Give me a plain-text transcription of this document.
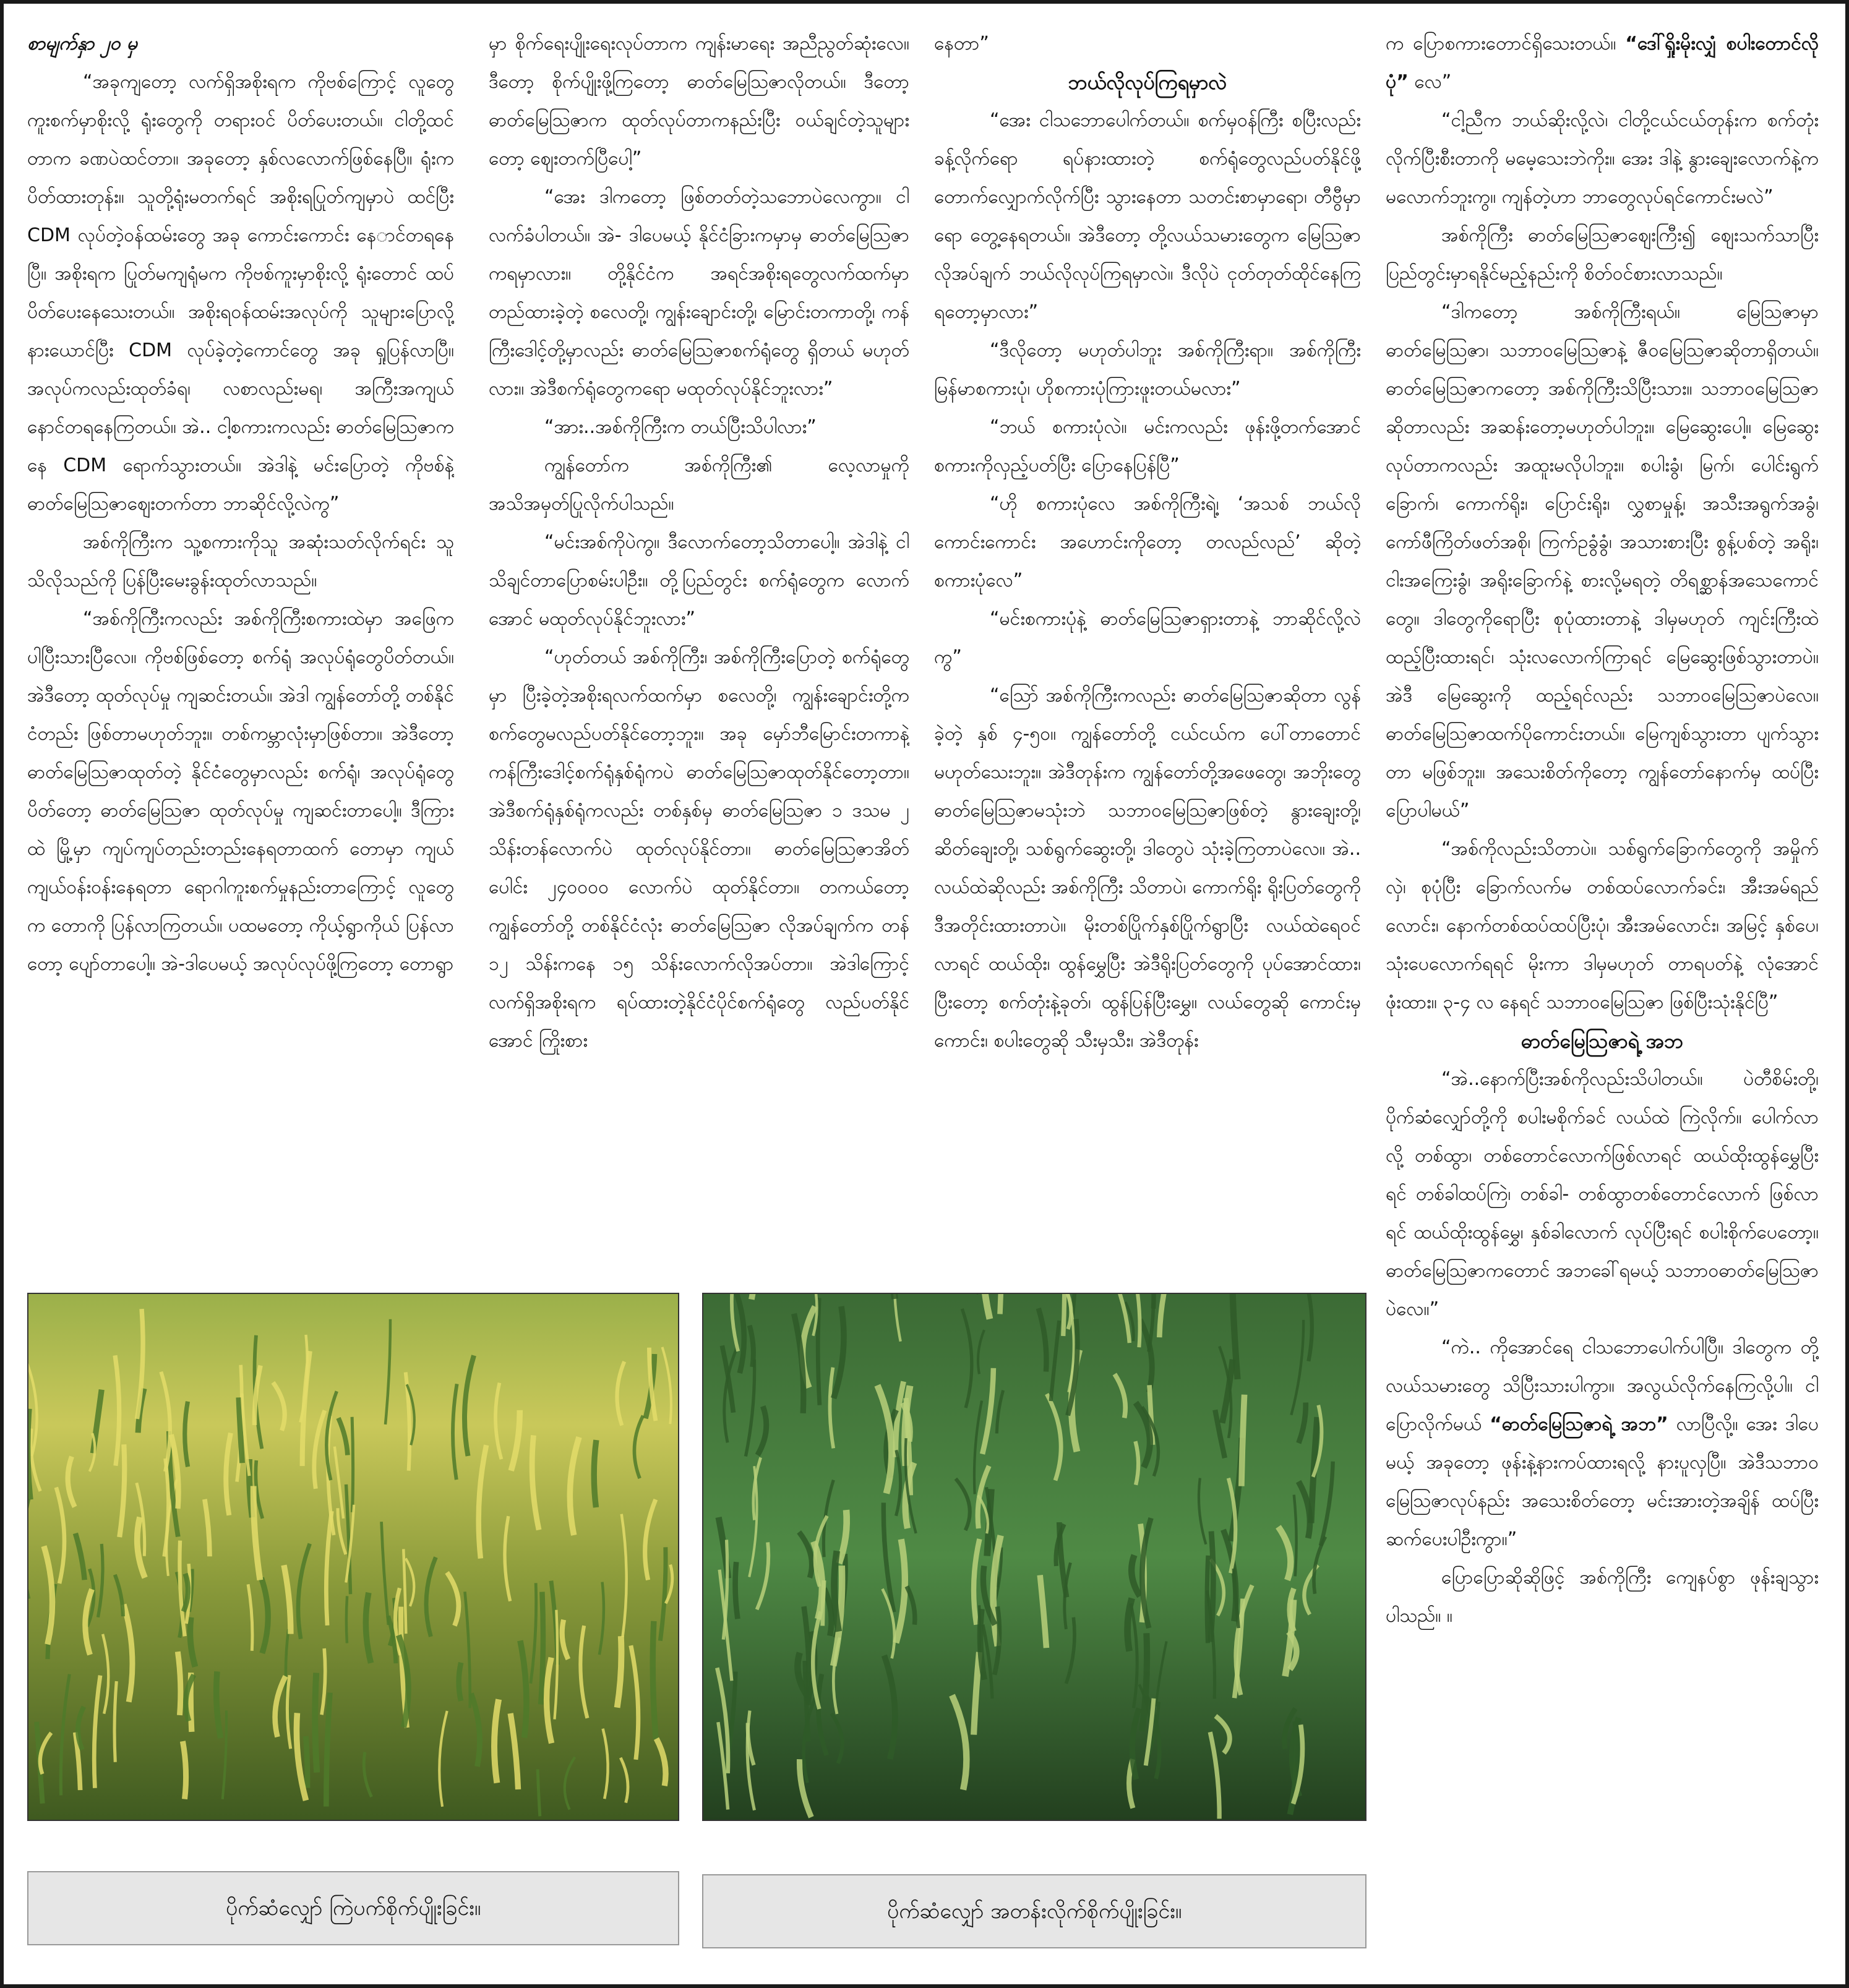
စာမျက်နှာ ၂၀ မှ

“အခုကျတော့ လက်ရှိအစိုးရက ကိုဗစ်ကြောင့် လူတွေကူးစက်မှာစိုးလို့ ရုံးတွေကို တရားဝင် ပိတ်ပေးတယ်။ ငါတို့ထင်တာက ခဏပဲထင်တာ။ အခုတော့ နှစ်လလောက်ဖြစ်နေပြီ။ ရုံးက ပိတ်ထားတုန်း။ သူတို့ရုံးမတက်ရင် အစိုးရပြုတ်ကျမှာပဲ ထင်ပြီး CDM လုပ်တဲ့ဝန်ထမ်းတွေ အခု ကောင်းကောင်း နေ‌ာင်တရနေပြီ။ အစိုးရက ပြုတ်မကျရုံမက ကိုဗစ်ကူးမှာစိုးလို့ ရုံးတောင် ထပ်ပိတ်ပေးနေသေးတယ်။ အစိုးရဝန်ထမ်းအလုပ်ကို သူများပြောလို့ နားယောင်ပြီး CDM လုပ်ခဲ့တဲ့ကောင်တွေ အခု ရှုပြန်လာပြီ။ အလုပ်ကလည်းထုတ်ခံရ၊ လစာလည်းမရ၊ အကြီးအကျယ်နောင်တရနေကြတယ်။ အဲ.. ငါ့စကားကလည်း ဓာတ်မြေဩဇာကနေ CDM ရောက်သွားတယ်။ အဲဒါနဲ့ မင်းပြောတဲ့ ကိုဗစ်နဲ့ ဓာတ်မြေဩဇာဈေးတက်တာ ဘာဆိုင်လို့လဲကွ”

အစ်ကိုကြီးက သူ့စကားကိုသူ အဆုံးသတ်လိုက်ရင်း သူသိလိုသည်ကို ပြန်ပြီးမေးခွန်းထုတ်လာသည်။

“အစ်ကိုကြီးကလည်း အစ်ကိုကြီးစကားထဲမှာ အဖြေကပါပြီးသားပြီလေ။ ကိုဗစ်ဖြစ်တော့ စက်ရုံ အလုပ်ရုံတွေပိတ်တယ်။ အဲဒီတော့ ထုတ်လုပ်မှု ကျဆင်းတယ်။ အဲဒါ ကျွန်တော်တို့ တစ်နိုင်ငံတည်း ဖြစ်တာမဟုတ်ဘူး။ တစ်ကမ္ဘာလုံးမှာဖြစ်တာ။ အဲဒီတော့ ဓာတ်မြေဩဇာထုတ်တဲ့ နိုင်ငံတွေမှာလည်း စက်ရုံ၊ အလုပ်ရုံတွေပိတ်တော့ ဓာတ်မြေဩဇာ ထုတ်လုပ်မှု ကျဆင်းတာပေါ့။ ဒီကြားထဲ မြို့မှာ ကျပ်ကျပ်တည်းတည်းနေရတာထက် တောမှာ ကျယ်ကျယ်ဝန်းဝန်းနေရတာ ရောဂါကူးစက်မှုနည်းတာကြောင့် လူတွေက တောကို ပြန်လာကြတယ်။ ပထမတော့ ကိုယ့်ရွာကိုယ် ပြန်လာတော့ ပျော်တာပေါ့။ အဲ-ဒါပေမယ့် အလုပ်လုပ်ဖို့ကြတော့ တောရွာ

မှာ စိုက်ရေးပျိုးရေးလုပ်တာက ကျန်းမာရေး အညီညွတ်ဆုံးလေ။ ဒီတော့ စိုက်ပျိုးဖို့ကြတော့ ဓာတ်မြေဩဇာလိုတယ်။ ဒီတော့ ဓာတ်မြေဩဇာက ထုတ်လုပ်တာကနည်းပြီး ဝယ်ချင်တဲ့သူများတော့ ဈေးတက်ပြီပေါ့”

“အေး ဒါကတော့ ဖြစ်တတ်တဲ့သဘောပဲလေကွာ။ ငါလက်ခံပါတယ်။ အဲ- ဒါပေမယ့် နိုင်ငံခြားကမှာမှ ဓာတ်မြေဩဇာကရမှာလား။ တို့နိုင်ငံက အရင်အစိုးရတွေလက်ထက်မှာ တည်ထားခဲ့တဲ့ စလေတို့၊ ကျွန်းချောင်းတို့၊ မြောင်းတကာတို့၊ ကန်ကြီးဒေါင့်တို့မှာလည်း ဓာတ်မြေဩဇာစက်ရုံတွေ ရှိတယ် မဟုတ်လား။ အဲဒီစက်ရုံတွေကရော မထုတ်လုပ်နိုင်ဘူးလား”

“အား..အစ်ကိုကြီးက တယ်ပြီးသိပါလား”

ကျွန်တော်က အစ်ကိုကြီး၏ လေ့လာမှုကို အသိအမှတ်ပြုလိုက်ပါသည်။

“မင်းအစ်ကိုပဲကွ။ ဒီလောက်တော့သိတာပေါ့။ အဲဒါနဲ့ ငါသိချင်တာပြောစမ်းပါဦး။ တို့ပြည်တွင်း စက်ရုံတွေက လောက်အောင် မထုတ်လုပ်နိုင်ဘူးလား”

“ဟုတ်တယ် အစ်ကိုကြီး၊ အစ်ကိုကြီးပြောတဲ့ စက်ရုံတွေမှာ ပြီးခဲ့တဲ့အစိုးရလက်ထက်မှာ စလေတို့၊ ကျွန်းချောင်းတို့က စက်တွေမလည်ပတ်နိုင်တော့ဘူး။ အခု မှော်ဘီမြောင်းတကာနဲ့ ကန်ကြီးဒေါင့်စက်ရုံနှစ်ရုံကပဲ ဓာတ်မြေဩဇာထုတ်နိုင်တော့တာ။ အဲဒီစက်ရုံနှစ်ရုံကလည်း တစ်နှစ်မှ ဓာတ်မြေဩဇာ ၁ ဒသမ ၂ သိန်းတန်လောက်ပဲ ထုတ်လုပ်နိုင်တာ။ ဓာတ်မြေဩဇာအိတ်ပေါင်း ၂၄၀၀၀၀ လောက်ပဲ ထုတ်နိုင်တာ။ တကယ်တော့ ကျွန်တော်တို့ တစ်နိုင်ငံလုံး ဓာတ်မြေဩဇာ လိုအပ်ချက်က တန် ၁၂ သိန်းကနေ ၁၅ သိန်းလောက်လိုအပ်တာ။ အဲဒါကြောင့် လက်ရှိအစိုးရက ရပ်ထားတဲ့နိုင်ငံပိုင်စက်ရုံတွေ လည်ပတ်နိုင်အောင် ကြိုးစား

နေတာ”

ဘယ်လိုလုပ်ကြရမှာလဲ

“အေး ငါသဘောပေါက်တယ်။ စက်မှဝန်ကြီး စပြီးလည်း ခန့်လိုက်ရော ရပ်နားထားတဲ့ စက်ရုံတွေလည်ပတ်နိုင်ဖို့ တောက်လျှောက်လိုက်ပြီး သွားနေတာ သတင်းစာမှာရော၊ တီဗွီမှာရော တွေ့နေရတယ်။ အဲဒီတော့ တို့လယ်သမားတွေက မြေဩဇာလိုအပ်ချက် ဘယ်လိုလုပ်ကြရမှာလဲ။ ဒီလိုပဲ ငုတ်တုတ်ထိုင်နေကြရတော့မှာလား”

“ဒီလိုတော့ မဟုတ်ပါဘူး အစ်ကိုကြီးရာ။ အစ်ကိုကြီး မြန်မာစကားပုံ၊ ဟိုစကားပုံကြားဖူးတယ်မလား”

“ဘယ် စကားပုံလဲ။ မင်းကလည်း ဖုန်းဖို့တက်အောင် စကားကိုလှည့်ပတ်ပြီး ပြောနေပြန်ပြီ”

“ဟို စကားပုံလေ အစ်ကိုကြီးရဲ့၊ ‘အသစ် ဘယ်လိုကောင်းကောင်း အဟောင်းကိုတော့ တလည်လည်’ ဆိုတဲ့ စကားပုံလေ”

“မင်းစကားပုံနဲ့ ဓာတ်မြေဩဇာရှားတာနဲ့ ဘာဆိုင်လို့လဲကွ”

“သြော် အစ်ကိုကြီးကလည်း ဓာတ်မြေဩဇာဆိုတာ လွန်ခဲ့တဲ့ နှစ် ၄-၅၀။ ကျွန်တော်တို့ ငယ်ငယ်က ပေါ်တာတောင်မဟုတ်သေးဘူး။ အဲဒီတုန်းက ကျွန်တော်တို့အဖေတွေ၊ အဘိုးတွေ ဓာတ်မြေဩဇာမသုံးဘဲ သဘာဝမြေဩဇာဖြစ်တဲ့ နွားချေးတို့၊ ဆိတ်ချေးတို့၊ သစ်ရွက်ဆွေးတို့၊ ဒါတွေပဲ သုံးခဲ့ကြတာပဲလေ။ အဲ.. လယ်ထဲဆိုလည်း အစ်ကိုကြီး သိတာပဲ၊ ကောက်ရိုး ရိုးပြတ်တွေကို ဒီအတိုင်းထားတာပဲ။ မိုးတစ်ပြိုက်နှစ်ပြိုက်ရွာပြီး လယ်ထဲရေဝင်လာရင် ထယ်ထိုး၊ ထွန်မွှေပြီး အဲဒီရိုးပြတ်တွေကို ပုပ်အောင်ထား၊ ပြီးတော့ စက်တုံးနဲ့ခုတ်၊ ထွန်ပြန်ပြီးမွှေ။ လယ်တွေဆို ကောင်းမှကောင်း၊ စပါးတွေဆို သီးမှသီး၊ အဲဒီတုန်း

က ပြောစကားတောင်ရှိသေးတယ်။ “ဒေါ်ရှိုးမိုးလျှံ စပါးတောင်လိုပုံ” လေ”

“ငါ့ညီက ဘယ်ဆိုးလို့လဲ၊ ငါတို့ငယ်ငယ်တုန်းက စက်တုံးလိုက်ပြီးစီးတာကို မမေ့သေးဘဲကိုး။ အေး ဒါနဲ့ နွားချေးလောက်နဲ့က မလောက်ဘူးကွ။ ကျန်တဲ့ဟာ ဘာတွေလုပ်ရင်ကောင်းမလဲ”

အစ်ကိုကြီး ဓာတ်မြေဩဇာဈေးကြီး၍ ဈေးသက်သာပြီး ပြည်တွင်းမှာရနိုင်မည့်နည်းကို စိတ်ဝင်စားလာသည်။

“ဒါကတော့ အစ်ကိုကြီးရယ်။ မြေဩဇာမှာ ဓာတ်မြေဩဇာ၊ သဘာဝမြေဩဇာနဲ့ ဇီဝမြေဩဇာဆိုတာရှိတယ်။ ဓာတ်မြေဩဇာကတော့ အစ်ကိုကြီးသိပြီးသား။ သဘာဝမြေဩဇာဆိုတာလည်း အဆန်းတော့မဟုတ်ပါဘူး။ မြေဆွေးပေါ့။ မြေဆွေးလုပ်တာကလည်း အထူးမလိုပါဘူး။ စပါးခွံ၊ မြက်၊ ပေါင်းရွက်ခြောက်၊ ကောက်ရိုး၊ ပြောင်းရိုး၊ လွှစာမှုန့်၊ အသီးအရွက်အခွံ၊ ကော်ဖီကြိတ်ဖတ်အစို၊ ကြက်ဥခွံခွံ၊ အသားစားပြီး စွန့်ပစ်တဲ့ အရိုး၊ ငါးအကြေးခွံ၊ အရိုးခြောက်နဲ့ စားလို့မရတဲ့ တိရစ္ဆာန်အသေကောင်တွေ။ ဒါတွေကိုရောပြီး စုပုံထားတာနဲ့ ဒါမှမဟုတ် ကျင်းကြီးထဲ ထည့်ပြီးထားရင်၊ သုံးလလောက်ကြာရင် မြေဆွေးဖြစ်သွားတာပဲ။ အဲဒီ မြေဆွေးကို ထည့်ရင်လည်း သဘာဝမြေဩဇာပဲလေ။ ဓာတ်မြေဩဇာထက်ပိုကောင်းတယ်။ မြေကျစ်သွားတာ ပျက်သွားတာ မဖြစ်ဘူး။ အသေးစိတ်ကိုတော့ ကျွန်တော်နောက်မှ ထပ်ပြီး ပြောပါမယ်”

“အစ်ကိုလည်းသိတာပဲ။ သစ်ရွက်ခြောက်တွေကို အမှိုက်လှဲ၊ စုပုံပြီး ခြောက်လက်မ တစ်ထပ်လောက်ခင်း၊ အီးအမ်ရည်လောင်း၊ နောက်တစ်ထပ်ထပ်ပြီးပုံ၊ အီးအမ်လောင်း၊ အမြင့် နှစ်ပေ၊ သုံးပေလောက်ရရင် မိုးကာ ဒါမှမဟုတ် တာရပတ်နဲ့ လုံအောင်ဖုံးထား။ ၃-၄ လ နေရင် သဘာဝမြေဩဇာ ဖြစ်ပြီးသုံးနိုင်ပြီ”

ဓာတ်မြေဩဇာရဲ့ အဘ

“အဲ..နောက်ပြီးအစ်ကိုလည်းသိပါတယ်။ ပဲတီစိမ်းတို့၊ ပိုက်ဆံလျှော်တို့ကို စပါးမစိုက်ခင် လယ်ထဲ ကြဲလိုက်။ ပေါက်လာလို့ တစ်ထွာ၊ တစ်တောင်လောက်ဖြစ်လာရင် ထယ်ထိုးထွန်မွှေပြီးရင် တစ်ခါထပ်ကြဲ၊ တစ်ခါ- တစ်ထွာတစ်တောင်လောက် ဖြစ်လာရင် ထယ်ထိုးထွန်မွှေ၊ နှစ်ခါလောက် လုပ်ပြီးရင် စပါးစိုက်ပေတော့။ ဓာတ်မြေဩဇာကတောင် အဘခေါ်ရမယ့် သဘာဝဓာတ်မြေဩဇာပဲလေ။”

“ကဲ.. ကိုအောင်ရေ ငါသဘောပေါက်ပါပြီ။ ဒါတွေက တို့လယ်သမားတွေ သိပြီးသားပါကွာ။ အလွယ်လိုက်နေကြလို့ပါ။ ငါပြောလိုက်မယ် “ဓာတ်မြေဩဇာရဲ့ အဘ” လာပြီလို့။ အေး ဒါပေမယ့် အခုတော့ ဖုန်းနဲ့နားကပ်ထားရလို့ နားပူလှပြီ။ အဲဒီသဘာဝမြေဩဇာလုပ်နည်း အသေးစိတ်တော့ မင်းအားတဲ့အချိန် ထပ်ပြီးဆက်ပေးပါဦးကွာ။”

ပြောပြောဆိုဆိုဖြင့် အစ်ကိုကြီး ကျေနပ်စွာ ဖုန်းချသွားပါသည်။ ။

ပိုက်ဆံလျှော် ကြဲပက်စိုက်ပျိုးခြင်း။	ပိုက်ဆံလျှော် အတန်းလိုက်စိုက်ပျိုးခြင်း။
